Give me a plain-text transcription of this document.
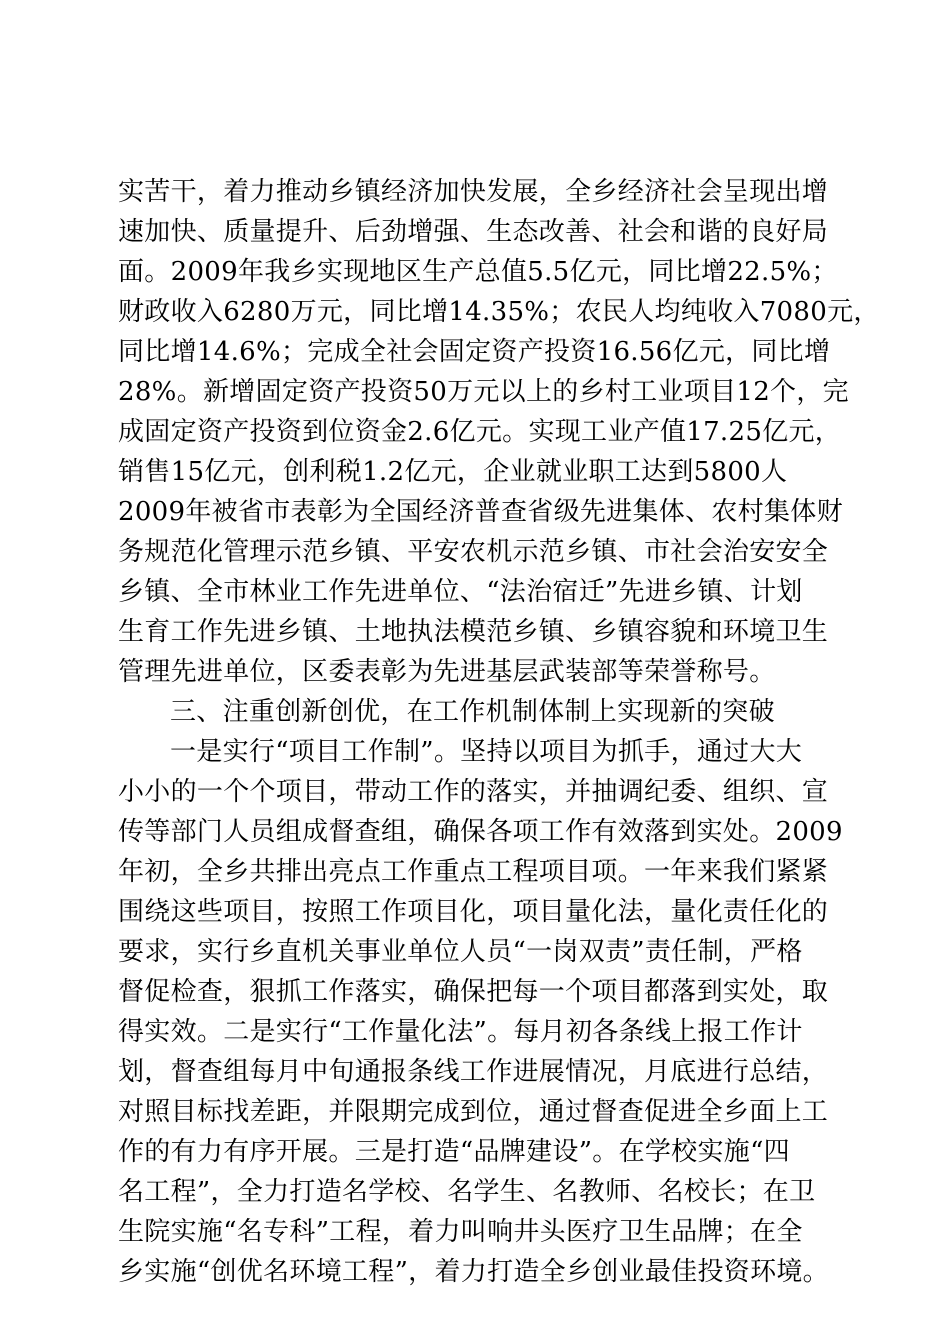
实苦干，着力推动乡镇经济加快发展，全乡经济社会呈现出增
速加快、质量提升、后劲增强、生态改善、社会和谐的良好局
面。2009年我乡实现地区生产总值5.5亿元，同比增22.5%；
财政收入6280万元，同比增14.35%；农民人均纯收入7080元，
同比增14.6%；完成全社会固定资产投资16.56亿元，同比增
28%。新增固定资产投资50万元以上的乡村工业项目12个，完
成固定资产投资到位资金2.6亿元。实现工业产值17.25亿元，
销售15亿元，创利税1.2亿元，企业就业职工达到5800人
2009年被省市表彰为全国经济普查省级先进集体、农村集体财
务规范化管理示范乡镇、平安农机示范乡镇、市社会治安安全
乡镇、全市林业工作先进单位、“法治宿迁”先进乡镇、计划
生育工作先进乡镇、土地执法模范乡镇、乡镇容貌和环境卫生
管理先进单位，区委表彰为先进基层武装部等荣誉称号。
三、注重创新创优，在工作机制体制上实现新的突破
一是实行“项目工作制”。坚持以项目为抓手，通过大大
小小的一个个项目，带动工作的落实，并抽调纪委、组织、宣
传等部门人员组成督查组，确保各项工作有效落到实处。2009
年初，全乡共排出亮点工作重点工程项目项。一年来我们紧紧
围绕这些项目，按照工作项目化，项目量化法，量化责任化的
要求，实行乡直机关事业单位人员“一岗双责”责任制，严格
督促检查，狠抓工作落实，确保把每一个项目都落到实处，取
得实效。二是实行“工作量化法”。每月初各条线上报工作计
划，督查组每月中旬通报条线工作进展情况，月底进行总结，
对照目标找差距，并限期完成到位，通过督查促进全乡面上工
作的有力有序开展。三是打造“品牌建设”。在学校实施“四
名工程”，全力打造名学校、名学生、名教师、名校长；在卫
生院实施“名专科”工程，着力叫响井头医疗卫生品牌；在全
乡实施“创优名环境工程”，着力打造全乡创业最佳投资环境。
